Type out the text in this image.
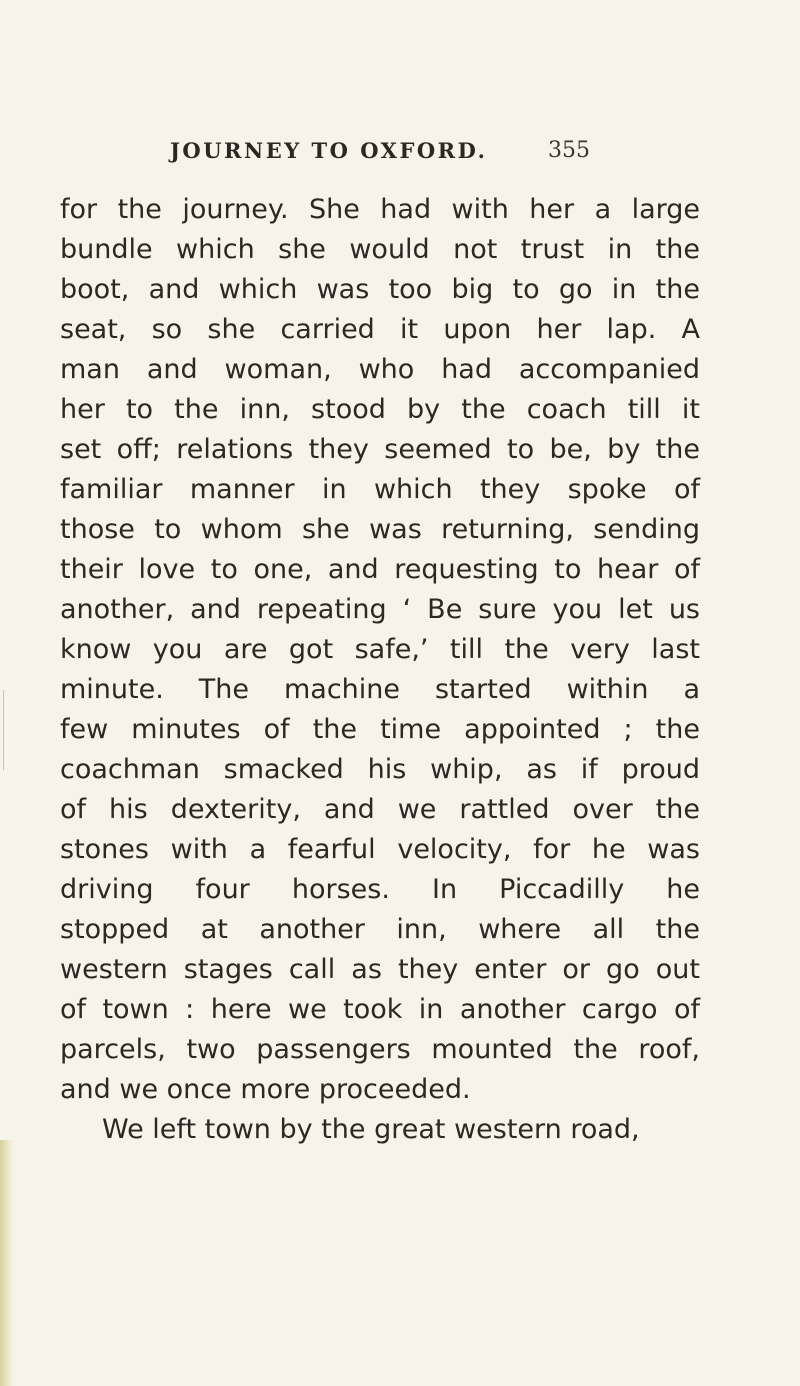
JOURNEY TO OXFORD.	355
for the journey. She had with her a large
bundle which she would not trust in the
boot, and which was too big to go in the
seat, so she carried it upon her lap. A
man and woman, who had accompanied
her to the inn, stood by the coach till it
set off; relations they seemed to be, by the
familiar manner in which they spoke of
those to whom she was returning, sending
their love to one, and requesting to hear of
another, and repeating ‘ Be sure you let us
know you are got safe,’ till the very last
minute. The machine started within a
few minutes of the time appointed ; the
coachman smacked his whip, as if proud
of his dexterity, and we rattled over the
stones with a fearful velocity, for he was
driving four horses. In Piccadilly he
stopped at another inn, where all the
western stages call as they enter or go out
of town : here we took in another cargo of
parcels, two passengers mounted the roof,
and we once more proceeded.
We left town by the great western road,
